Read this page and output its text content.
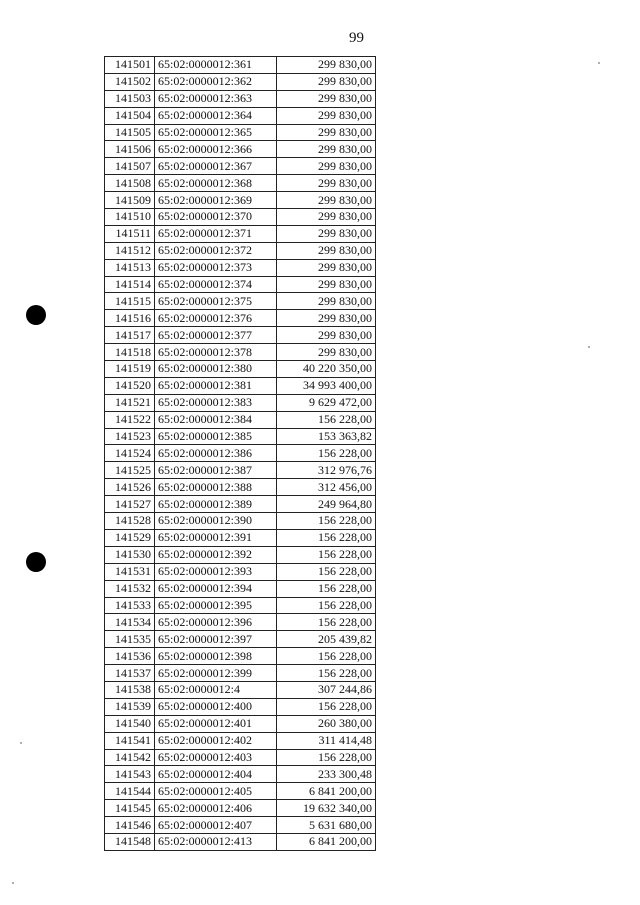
99
141501	65:02:0000012:361	299 830,00
141502	65:02:0000012:362	299 830,00
141503	65:02:0000012:363	299 830,00
141504	65:02:0000012:364	299 830,00
141505	65:02:0000012:365	299 830,00
141506	65:02:0000012:366	299 830,00
141507	65:02:0000012:367	299 830,00
141508	65:02:0000012:368	299 830,00
141509	65:02:0000012:369	299 830,00
141510	65:02:0000012:370	299 830,00
141511	65:02:0000012:371	299 830,00
141512	65:02:0000012:372	299 830,00
141513	65:02:0000012:373	299 830,00
141514	65:02:0000012:374	299 830,00
141515	65:02:0000012:375	299 830,00
141516	65:02:0000012:376	299 830,00
141517	65:02:0000012:377	299 830,00
141518	65:02:0000012:378	299 830,00
141519	65:02:0000012:380	40 220 350,00
141520	65:02:0000012:381	34 993 400,00
141521	65:02:0000012:383	9 629 472,00
141522	65:02:0000012:384	156 228,00
141523	65:02:0000012:385	153 363,82
141524	65:02:0000012:386	156 228,00
141525	65:02:0000012:387	312 976,76
141526	65:02:0000012:388	312 456,00
141527	65:02:0000012:389	249 964,80
141528	65:02:0000012:390	156 228,00
141529	65:02:0000012:391	156 228,00
141530	65:02:0000012:392	156 228,00
141531	65:02:0000012:393	156 228,00
141532	65:02:0000012:394	156 228,00
141533	65:02:0000012:395	156 228,00
141534	65:02:0000012:396	156 228,00
141535	65:02:0000012:397	205 439,82
141536	65:02:0000012:398	156 228,00
141537	65:02:0000012:399	156 228,00
141538	65:02:0000012:4	307 244,86
141539	65:02:0000012:400	156 228,00
141540	65:02:0000012:401	260 380,00
141541	65:02:0000012:402	311 414,48
141542	65:02:0000012:403	156 228,00
141543	65:02:0000012:404	233 300,48
141544	65:02:0000012:405	6 841 200,00
141545	65:02:0000012:406	19 632 340,00
141546	65:02:0000012:407	5 631 680,00
141548	65:02:0000012:413	6 841 200,00
